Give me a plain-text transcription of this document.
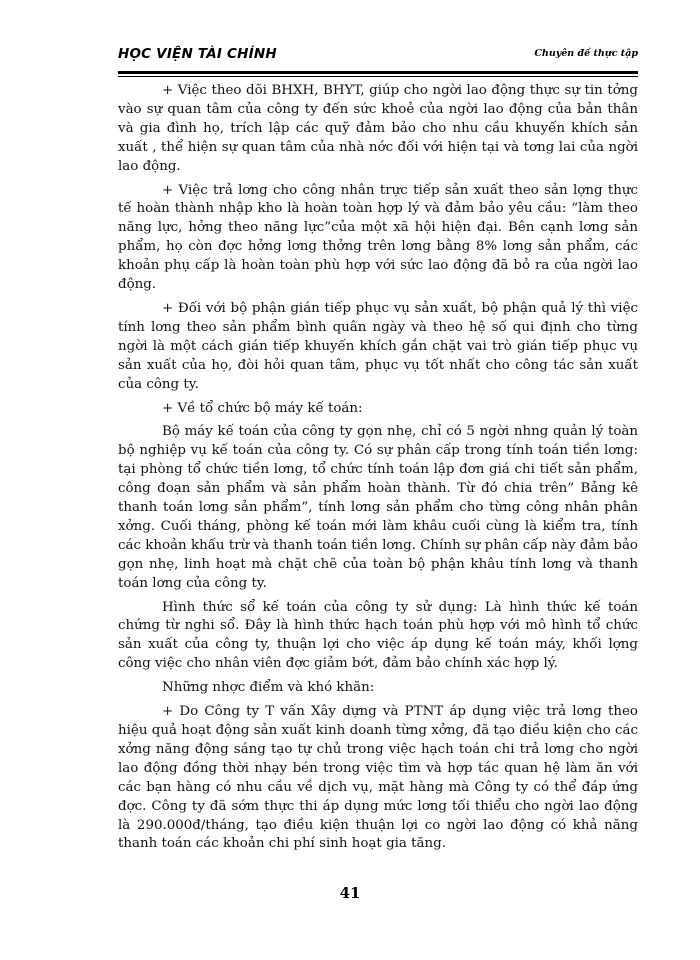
HỌC VIỆN TÀI CHÍNH	Chuyên đề thực tập

+ Việc theo dõi BHXH, BHYT, giúp cho ngời lao động thực sự tin tởng vào sự quan tâm của công ty đến sức khoẻ của ngời lao động của bản thân và gia đình họ, trích lập các quỹ đảm bảo cho nhu cầu khuyến khích sản xuất , thể hiện sự quan tâm của nhà nớc đối với hiện tại và tơng lai của ngời lao động.

+ Việc trả lơng cho công nhân trực tiếp sản xuất theo sản lợng thực tế hoàn thành nhập kho là hoàn toàn hợp lý và đảm bảo yêu cầu: “làm theo năng lực, hởng theo năng lực”của một xã hội hiện đại. Bên cạnh lơng sản phẩm, họ còn đợc hởng lơng thởng trên lơng bằng 8% lơng sản phẩm, các khoản phụ cấp là hoàn toàn phù hợp với sức lao động đã bỏ ra của ngời lao động.

+ Đối với bộ phận gián tiếp phục vụ sản xuất, bộ phận quả lý thì việc tính lơng theo sản phẩm bình quân ngày và theo hệ số qui định cho từng ngời là một cách gián tiếp khuyến khích gắn chặt vai trò gián tiếp phục vụ sản xuất của họ, đòi hỏi quan tâm, phục vụ tốt nhất cho công tác sản xuất của công ty.

+ Về tổ chức bộ máy kế toán:

Bộ máy kế toán của công ty gọn nhẹ, chỉ có 5 ngời nhng quản lý toàn bộ nghiệp vụ kế toán của công ty. Có sự phân cấp trong tính toán tiền lơng: tại phòng tổ chức tiền lơng, tổ chức tính toán lập đơn giá chi tiết sản phẩm, công đoạn sản phẩm và sản phẩm hoàn thành. Từ đó chia trên” Bảng kê thanh toán lơng sản phẩm”, tính lơng sản phẩm cho từng công nhân phân xởng. Cuối tháng, phòng kế toán mới làm khâu cuối cùng là kiểm tra, tính các khoản khấu trừ và thanh toán tiền lơng. Chính sự phân cấp này đảm bảo gọn nhẹ, linh hoạt mà chặt chẽ của toàn bộ phận khâu tính lơng và thanh toán lơng của công ty.

Hình thức sổ kế toán của công ty sử dụng: Là hình thức kế toán chứng từ nghi sổ. Đây là hình thức hạch toán phù hợp với mô hình tổ chức sản xuất của công ty, thuận lợi cho việc áp dụng kế toán máy, khối lợng công việc cho nhân viên đợc giảm bớt, đảm bảo chính xác hợp lý.

Những nhợc điểm và khó khăn:

+ Do Công ty T vấn Xây dựng và PTNT áp dụng việc trả lơng theo hiệu quả hoạt động sản xuất kinh doanh từng xởng, đã tạo điều kiện cho các xởng năng động sáng tạo tự chủ trong việc hạch toán chi trả lơng cho ngời lao động đồng thời nhạy bén trong việc tìm và hợp tác quan hệ làm ăn với các bạn hàng có nhu cầu về dịch vụ, mặt hàng mà Công ty có thể đáp ứng đợc. Công ty đã sớm thực thi áp dụng mức lơng tối thiểu cho ngời lao động là 290.000đ/tháng, tạo điều kiện thuận lợi co ngời lao động có khả năng thanh toán các khoản chi phí sinh hoạt gia tăng.

41
